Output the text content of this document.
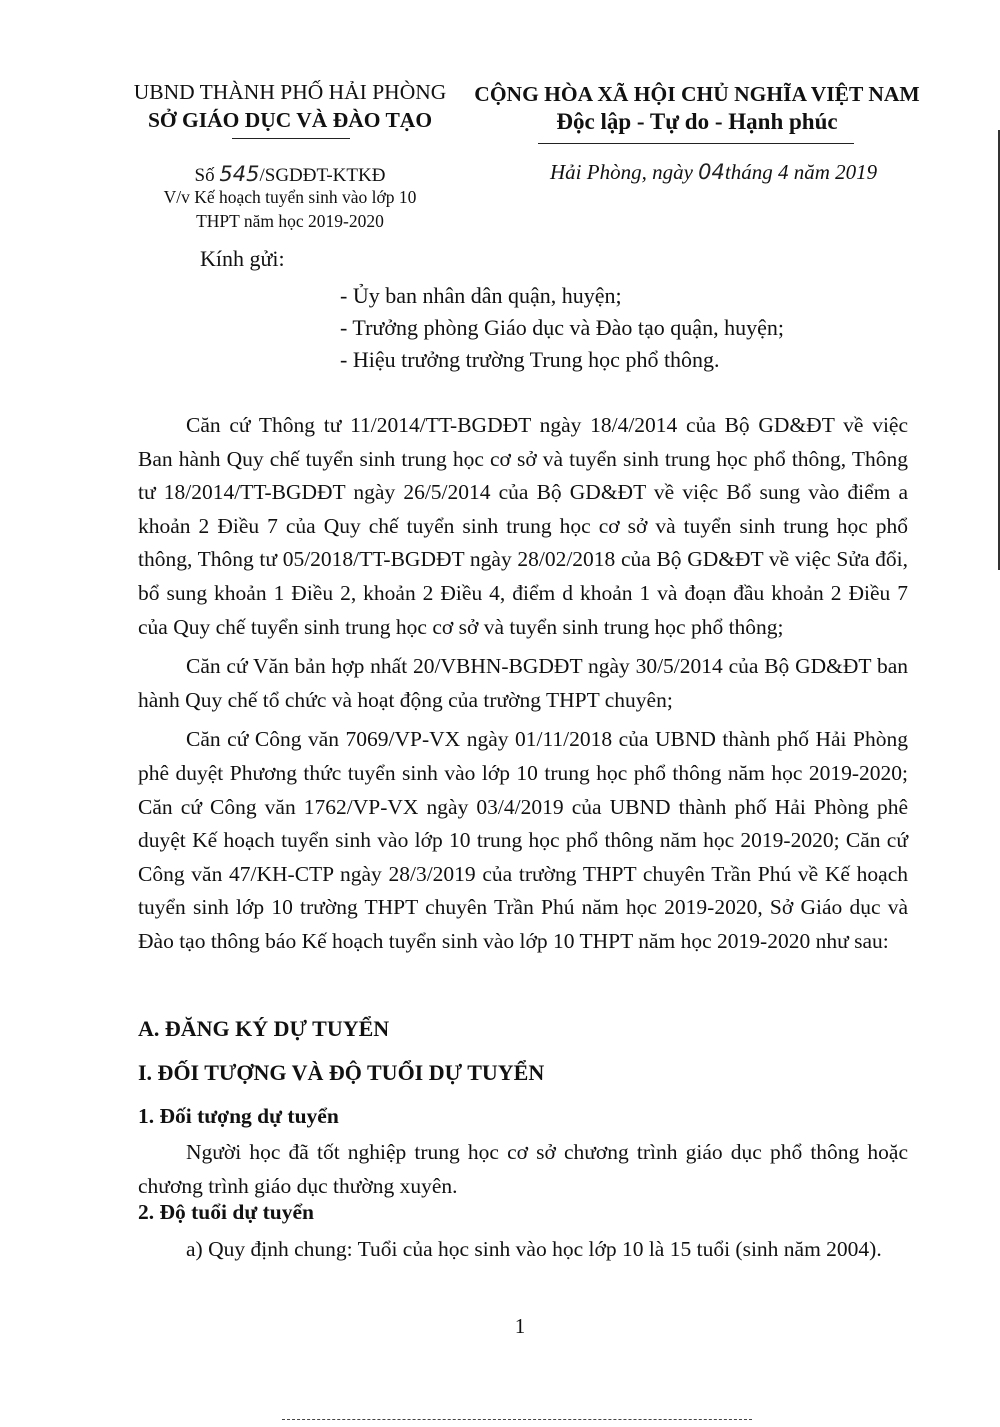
UBND THÀNH PHỐ HẢI PHÒNG
SỞ GIÁO DỤC VÀ ĐÀO TẠO
CỘNG HÒA XÃ HỘI CHỦ NGHĨA VIỆT NAM
Độc lập - Tự do - Hạnh phúc
Số 545/SGDĐT-KTKĐ
V/v Kế hoạch tuyển sinh vào lớp 10
THPT năm học 2019-2020
Hải Phòng, ngày 04tháng 4 năm 2019
Kính gửi:
- Ủy ban nhân dân quận, huyện;
- Trưởng phòng Giáo dục và Đào tạo quận, huyện;
- Hiệu trưởng trường Trung học phổ thông.

Căn cứ Thông tư 11/2014/TT-BGDĐT ngày 18/4/2014 của Bộ GD&ĐT về việc Ban hành Quy chế tuyển sinh trung học cơ sở và tuyển sinh trung học phổ thông, Thông tư 18/2014/TT-BGDĐT ngày 26/5/2014 của Bộ GD&ĐT về việc Bổ sung vào điểm a khoản 2 Điều 7 của Quy chế tuyển sinh trung học cơ sở và tuyển sinh trung học phổ thông, Thông tư 05/2018/TT-BGDĐT ngày 28/02/2018 của Bộ GD&ĐT về việc Sửa đổi, bổ sung khoản 1 Điều 2, khoản 2 Điều 4, điểm d khoản 1 và đoạn đầu khoản 2 Điều 7 của Quy chế tuyển sinh trung học cơ sở và tuyển sinh trung học phổ thông;

Căn cứ Văn bản hợp nhất 20/VBHN-BGDĐT ngày 30/5/2014 của Bộ GD&ĐT ban hành Quy chế tổ chức và hoạt động của trường THPT chuyên;

Căn cứ Công văn 7069/VP-VX ngày 01/11/2018 của UBND thành phố Hải Phòng phê duyệt Phương thức tuyển sinh vào lớp 10 trung học phổ thông năm học 2019-2020; Căn cứ Công văn 1762/VP-VX ngày 03/4/2019 của UBND thành phố Hải Phòng phê duyệt Kế hoạch tuyển sinh vào lớp 10 trung học phổ thông năm học 2019-2020; Căn cứ Công văn 47/KH-CTP ngày 28/3/2019 của trường THPT chuyên Trần Phú về Kế hoạch tuyển sinh lớp 10 trường THPT chuyên Trần Phú năm học 2019-2020, Sở Giáo dục và Đào tạo thông báo Kế hoạch tuyển sinh vào lớp 10 THPT năm học 2019-2020 như sau:

A. ĐĂNG KÝ DỰ TUYỂN
I. ĐỐI TƯỢNG VÀ ĐỘ TUỔI DỰ TUYỂN
1. Đối tượng dự tuyển

Người học đã tốt nghiệp trung học cơ sở chương trình giáo dục phổ thông hoặc chương trình giáo dục thường xuyên.

2. Độ tuổi dự tuyển

a) Quy định chung: Tuổi của học sinh vào học lớp 10 là 15 tuổi (sinh năm 2004).

1
